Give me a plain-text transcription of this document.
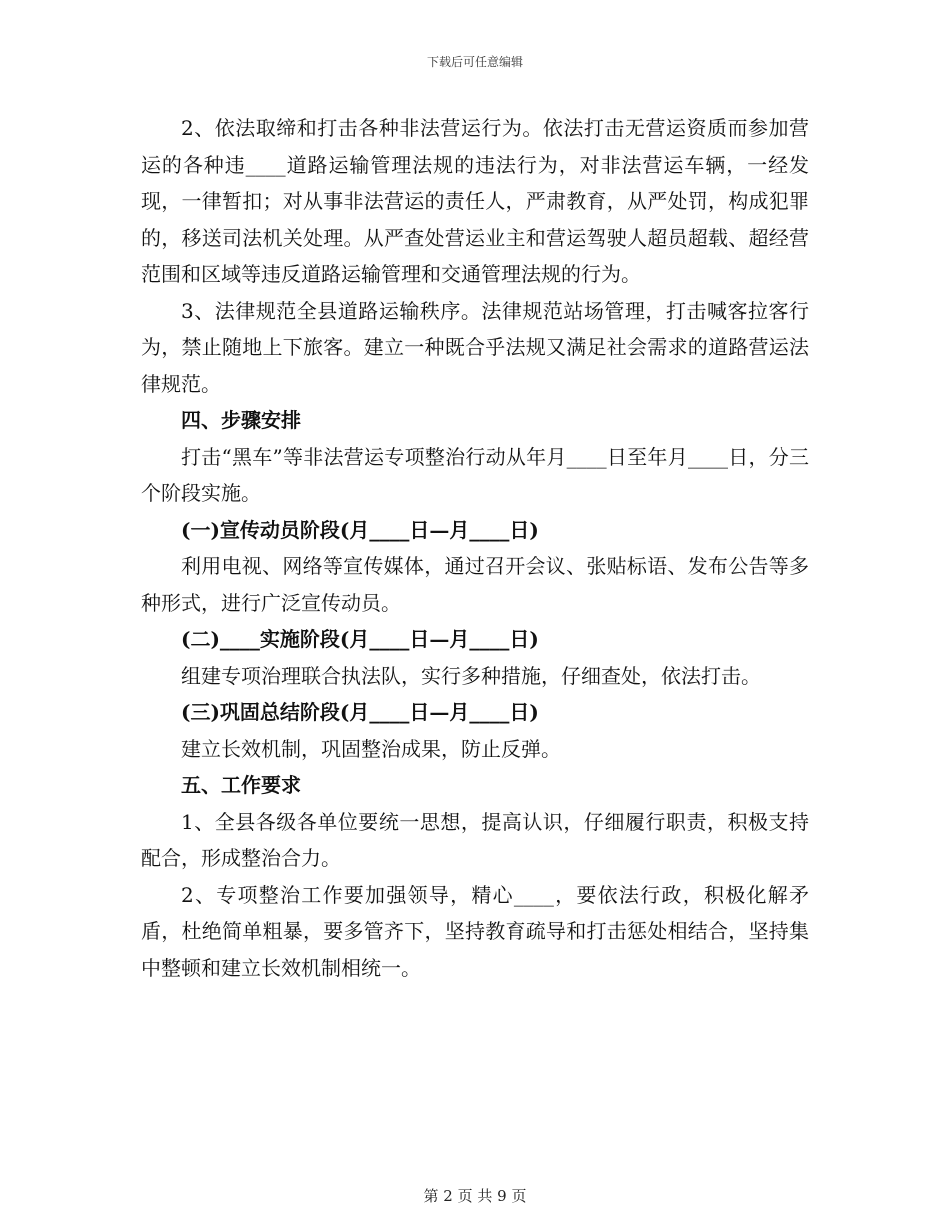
下载后可任意编辑

2、依法取缔和打击各种非法营运行为。依法打击无营运资质而参加营运的各种违____道路运输管理法规的违法行为，对非法营运车辆，一经发现，一律暂扣；对从事非法营运的责任人，严肃教育，从严处罚，构成犯罪的，移送司法机关处理。从严查处营运业主和营运驾驶人超员超载、超经营范围和区域等违反道路运输管理和交通管理法规的行为。

3、法律规范全县道路运输秩序。法律规范站场管理，打击喊客拉客行为，禁止随地上下旅客。建立一种既合乎法规又满足社会需求的道路营运法律规范。

四、步骤安排

打击“黑车”等非法营运专项整治行动从年月____日至年月____日，分三个阶段实施。

(一)宣传动员阶段(月____日—月____日)

利用电视、网络等宣传媒体，通过召开会议、张贴标语、发布公告等多种形式，进行广泛宣传动员。

(二)____实施阶段(月____日—月____日)

组建专项治理联合执法队，实行多种措施，仔细查处，依法打击。

(三)巩固总结阶段(月____日—月____日)

建立长效机制，巩固整治成果，防止反弹。

五、工作要求

1、全县各级各单位要统一思想，提高认识，仔细履行职责，积极支持配合，形成整治合力。

2、专项整治工作要加强领导，精心____，要依法行政，积极化解矛盾，杜绝简单粗暴，要多管齐下，坚持教育疏导和打击惩处相结合，坚持集中整顿和建立长效机制相统一。

第 2 页 共 9 页
